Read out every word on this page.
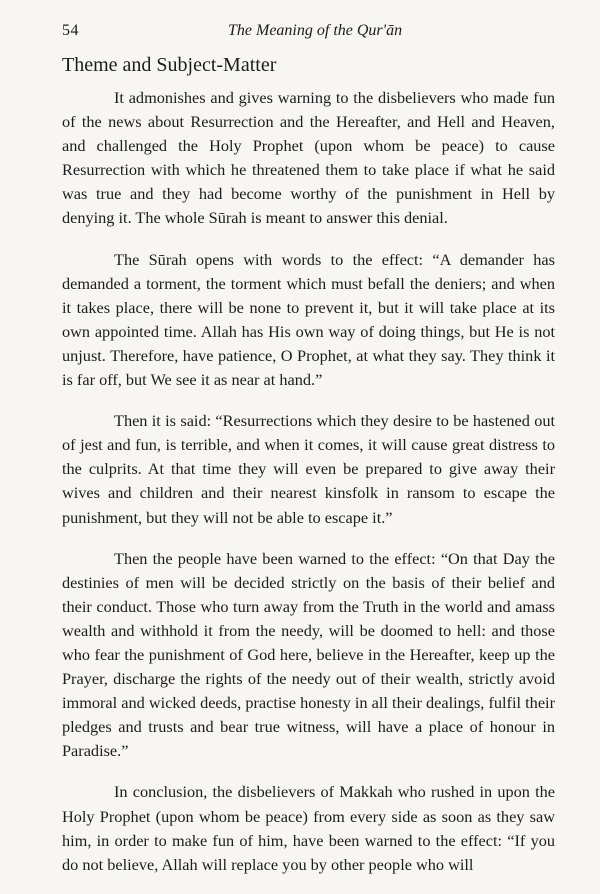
54	The Meaning of the Qur'ān
Theme and Subject-Matter

It admonishes and gives warning to the disbelievers who made fun of the news about Resurrection and the Hereafter, and Hell and Heaven, and challenged the Holy Prophet (upon whom be peace) to cause Resurrection with which he threatened them to take place if what he said was true and they had become worthy of the punishment in Hell by denying it. The whole Sūrah is meant to answer this denial.

The Sūrah opens with words to the effect: “A demander has demanded a torment, the torment which must befall the deniers; and when it takes place, there will be none to prevent it, but it will take place at its own appointed time. Allah has His own way of doing things, but He is not unjust. Therefore, have patience, O Prophet, at what they say. They think it is far off, but We see it as near at hand.”

Then it is said: “Resurrections which they desire to be hastened out of jest and fun, is terrible, and when it comes, it will cause great distress to the culprits. At that time they will even be prepared to give away their wives and children and their nearest kinsfolk in ransom to escape the punishment, but they will not be able to escape it.”

Then the people have been warned to the effect: “On that Day the destinies of men will be decided strictly on the basis of their belief and their conduct. Those who turn away from the Truth in the world and amass wealth and withhold it from the needy, will be doomed to hell: and those who fear the punishment of God here, believe in the Hereafter, keep up the Prayer, discharge the rights of the needy out of their wealth, strictly avoid immoral and wicked deeds, practise honesty in all their dealings, fulfil their pledges and trusts and bear true witness, will have a place of honour in Paradise.”

In conclusion, the disbelievers of Makkah who rushed in upon the Holy Prophet (upon whom be peace) from every side as soon as they saw him, in order to make fun of him, have been warned to the effect: “If you do not believe, Allah will replace you by other people who will
